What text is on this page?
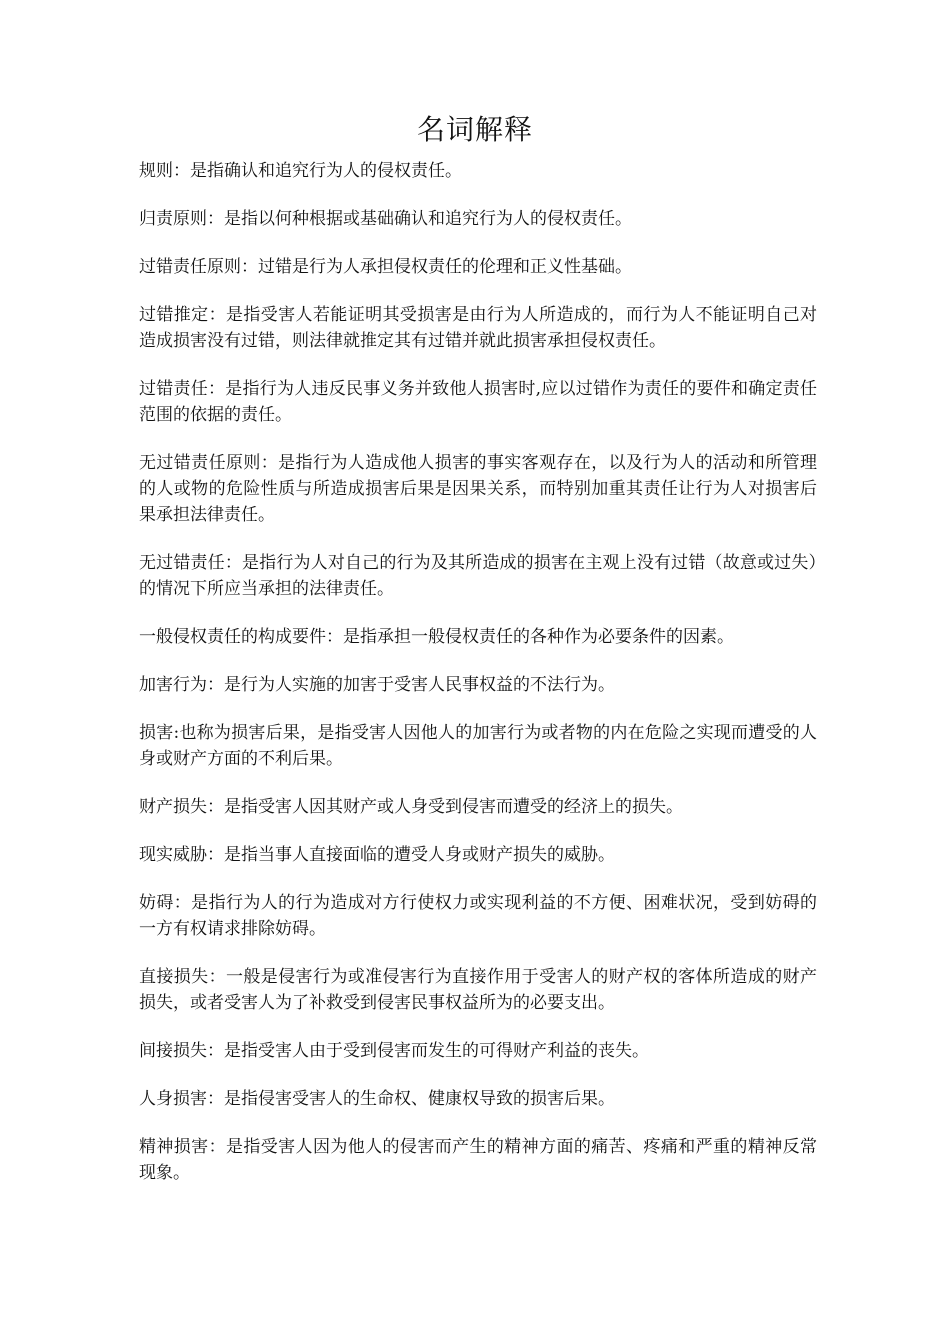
名词解释

规则：是指确认和追究行为人的侵权责任。

归责原则：是指以何种根据或基础确认和追究行为人的侵权责任。

过错责任原则：过错是行为人承担侵权责任的伦理和正义性基础。

过错推定：是指受害人若能证明其受损害是由行为人所造成的，而行为人不能证明自己对造成损害没有过错，则法律就推定其有过错并就此损害承担侵权责任。

过错责任：是指行为人违反民事义务并致他人损害时,应以过错作为责任的要件和确定责任范围的依据的责任。

无过错责任原则：是指行为人造成他人损害的事实客观存在，以及行为人的活动和所管理的人或物的危险性质与所造成损害后果是因果关系，而特别加重其责任让行为人对损害后果承担法律责任。

无过错责任：是指行为人对自己的行为及其所造成的损害在主观上没有过错（故意或过失）的情况下所应当承担的法律责任。

一般侵权责任的构成要件：是指承担一般侵权责任的各种作为必要条件的因素。

加害行为：是行为人实施的加害于受害人民事权益的不法行为。

损害:也称为损害后果，是指受害人因他人的加害行为或者物的内在危险之实现而遭受的人身或财产方面的不利后果。

财产损失：是指受害人因其财产或人身受到侵害而遭受的经济上的损失。

现实威胁：是指当事人直接面临的遭受人身或财产损失的威胁。

妨碍：是指行为人的行为造成对方行使权力或实现利益的不方便、困难状况，受到妨碍的一方有权请求排除妨碍。

直接损失：一般是侵害行为或准侵害行为直接作用于受害人的财产权的客体所造成的财产损失，或者受害人为了补救受到侵害民事权益所为的必要支出。

间接损失：是指受害人由于受到侵害而发生的可得财产利益的丧失。

人身损害：是指侵害受害人的生命权、健康权导致的损害后果。

精神损害：是指受害人因为他人的侵害而产生的精神方面的痛苦、疼痛和严重的精神反常现象。
